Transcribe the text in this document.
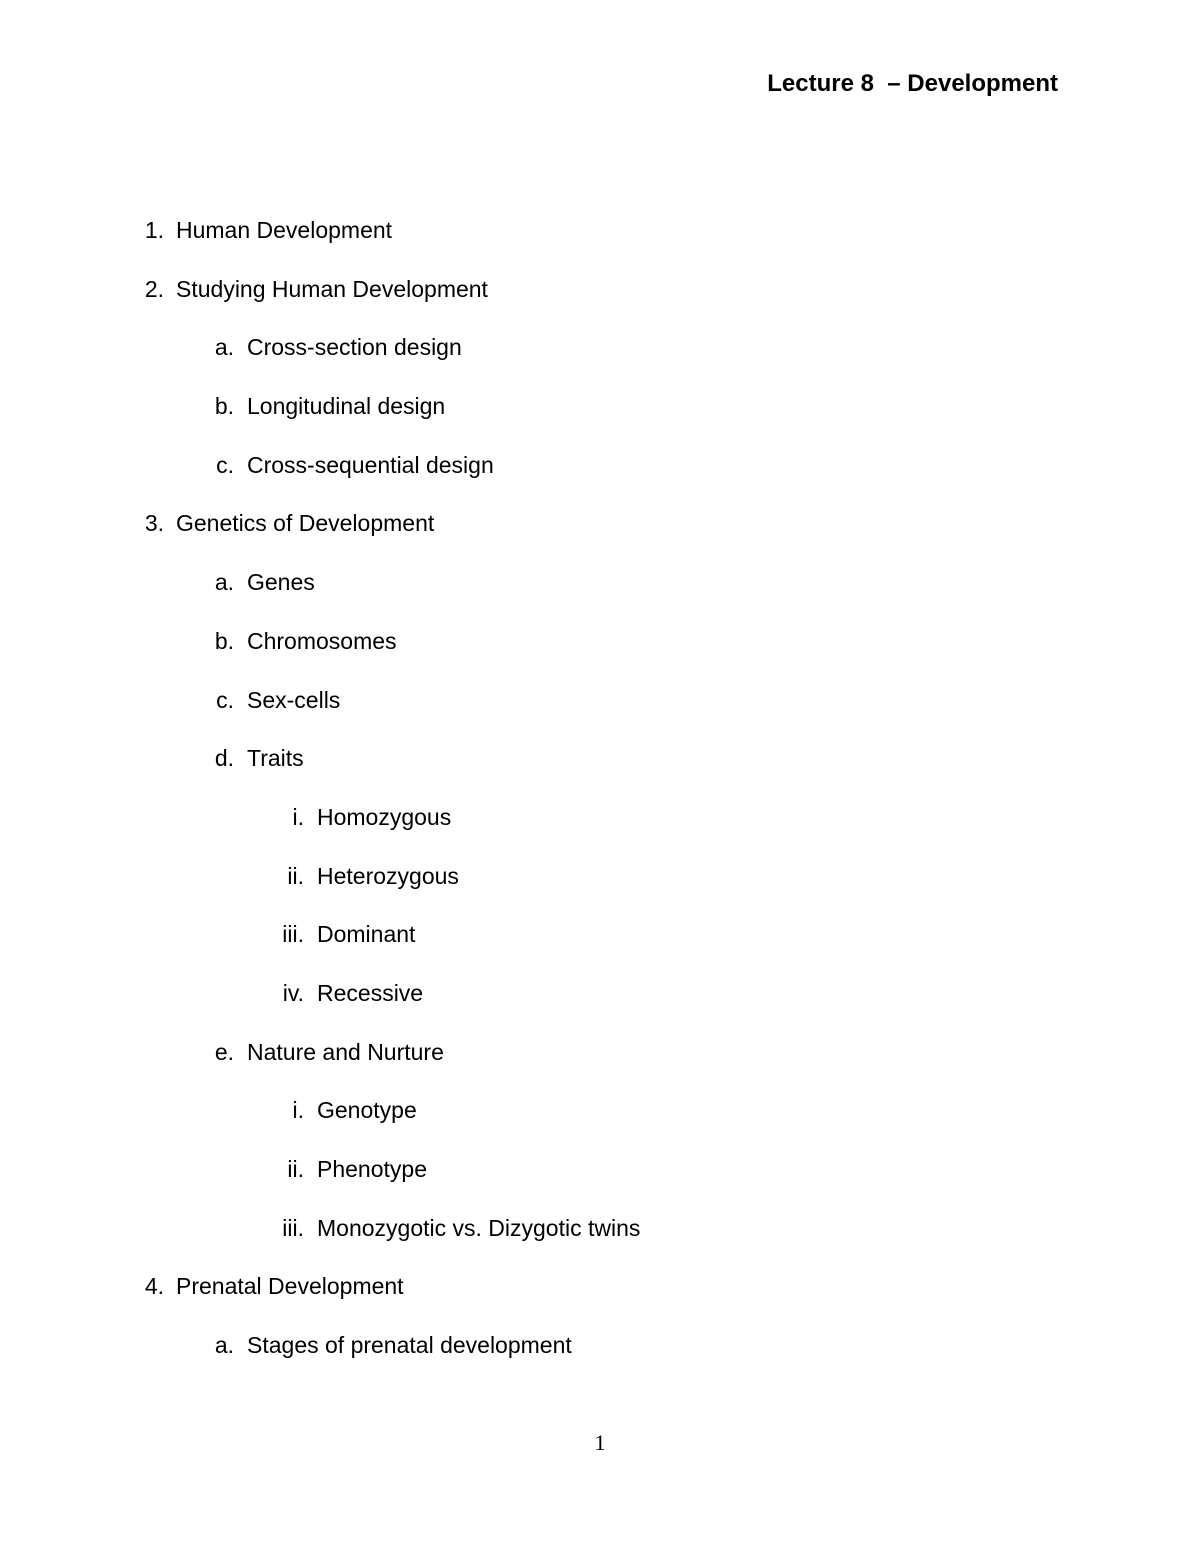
Lecture 8  – Development
1. Human Development
2. Studying Human Development
a. Cross-section design
b. Longitudinal design
c. Cross-sequential design
3. Genetics of Development
a. Genes
b. Chromosomes
c. Sex-cells
d. Traits
i. Homozygous
ii. Heterozygous
iii. Dominant
iv. Recessive
e. Nature and Nurture
i. Genotype
ii. Phenotype
iii. Monozygotic vs. Dizygotic twins
4. Prenatal Development
a. Stages of prenatal development
1
